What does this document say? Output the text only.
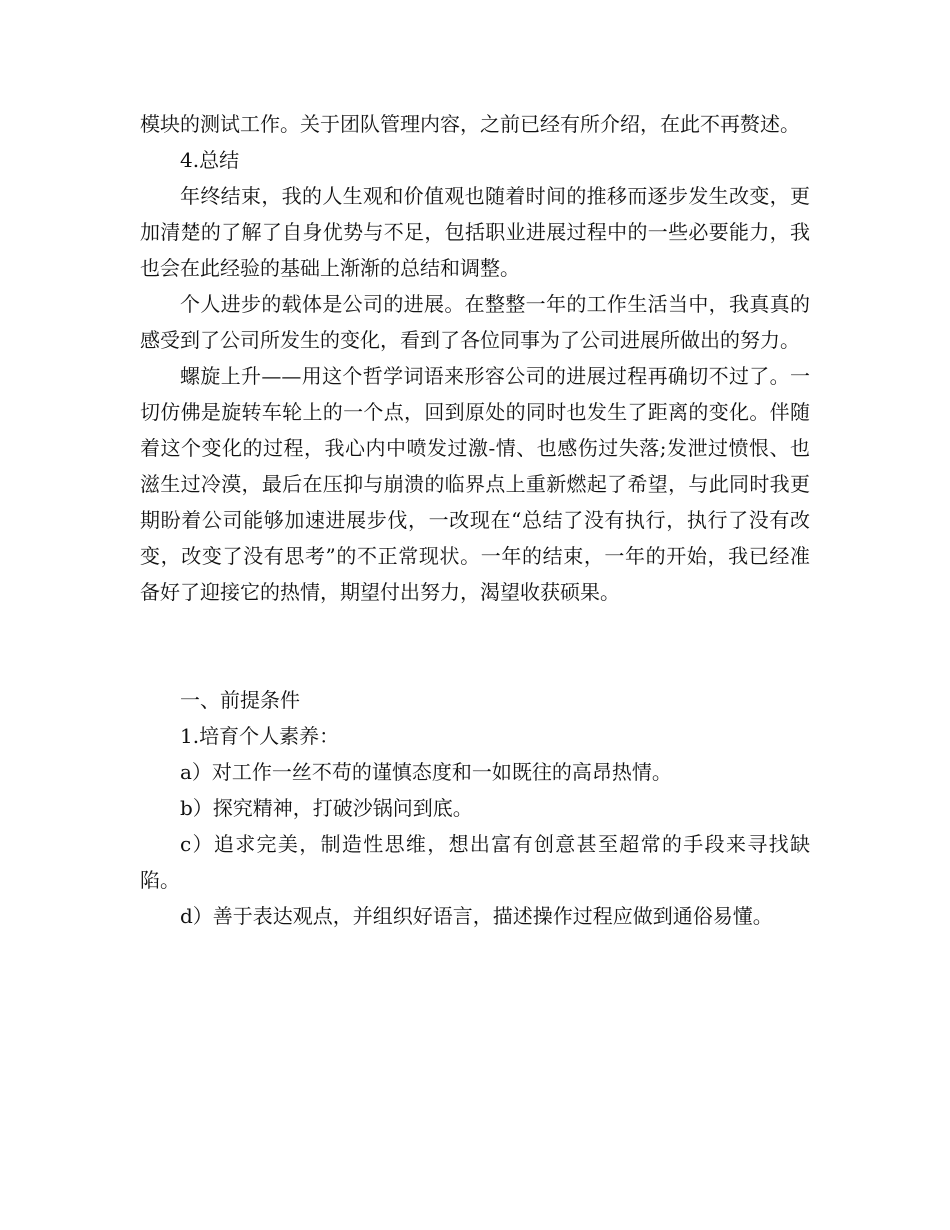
模块的测试工作。关于团队管理内容，之前已经有所介绍，在此不再赘述。

4.总结

年终结束，我的人生观和价值观也随着时间的推移而逐步发生改变，更加清楚的了解了自身优势与不足，包括职业进展过程中的一些必要能力，我也会在此经验的基础上渐渐的总结和调整。

个人进步的载体是公司的进展。在整整一年的工作生活当中，我真真的感受到了公司所发生的变化，看到了各位同事为了公司进展所做出的努力。

螺旋上升——用这个哲学词语来形容公司的进展过程再确切不过了。一切仿佛是旋转车轮上的一个点，回到原处的同时也发生了距离的变化。伴随着这个变化的过程，我心内中喷发过激-情、也感伤过失落;发泄过愤恨、也滋生过冷漠，最后在压抑与崩溃的临界点上重新燃起了希望，与此同时我更期盼着公司能够加速进展步伐，一改现在“总结了没有执行，执行了没有改变，改变了没有思考”的不正常现状。一年的结束，一年的开始，我已经准备好了迎接它的热情，期望付出努力，渴望收获硕果。

一、前提条件

1.培育个人素养：

a）对工作一丝不苟的谨慎态度和一如既往的高昂热情。

b）探究精神，打破沙锅问到底。

c）追求完美，制造性思维，想出富有创意甚至超常的手段来寻找缺陷。

d）善于表达观点，并组织好语言，描述操作过程应做到通俗易懂。
